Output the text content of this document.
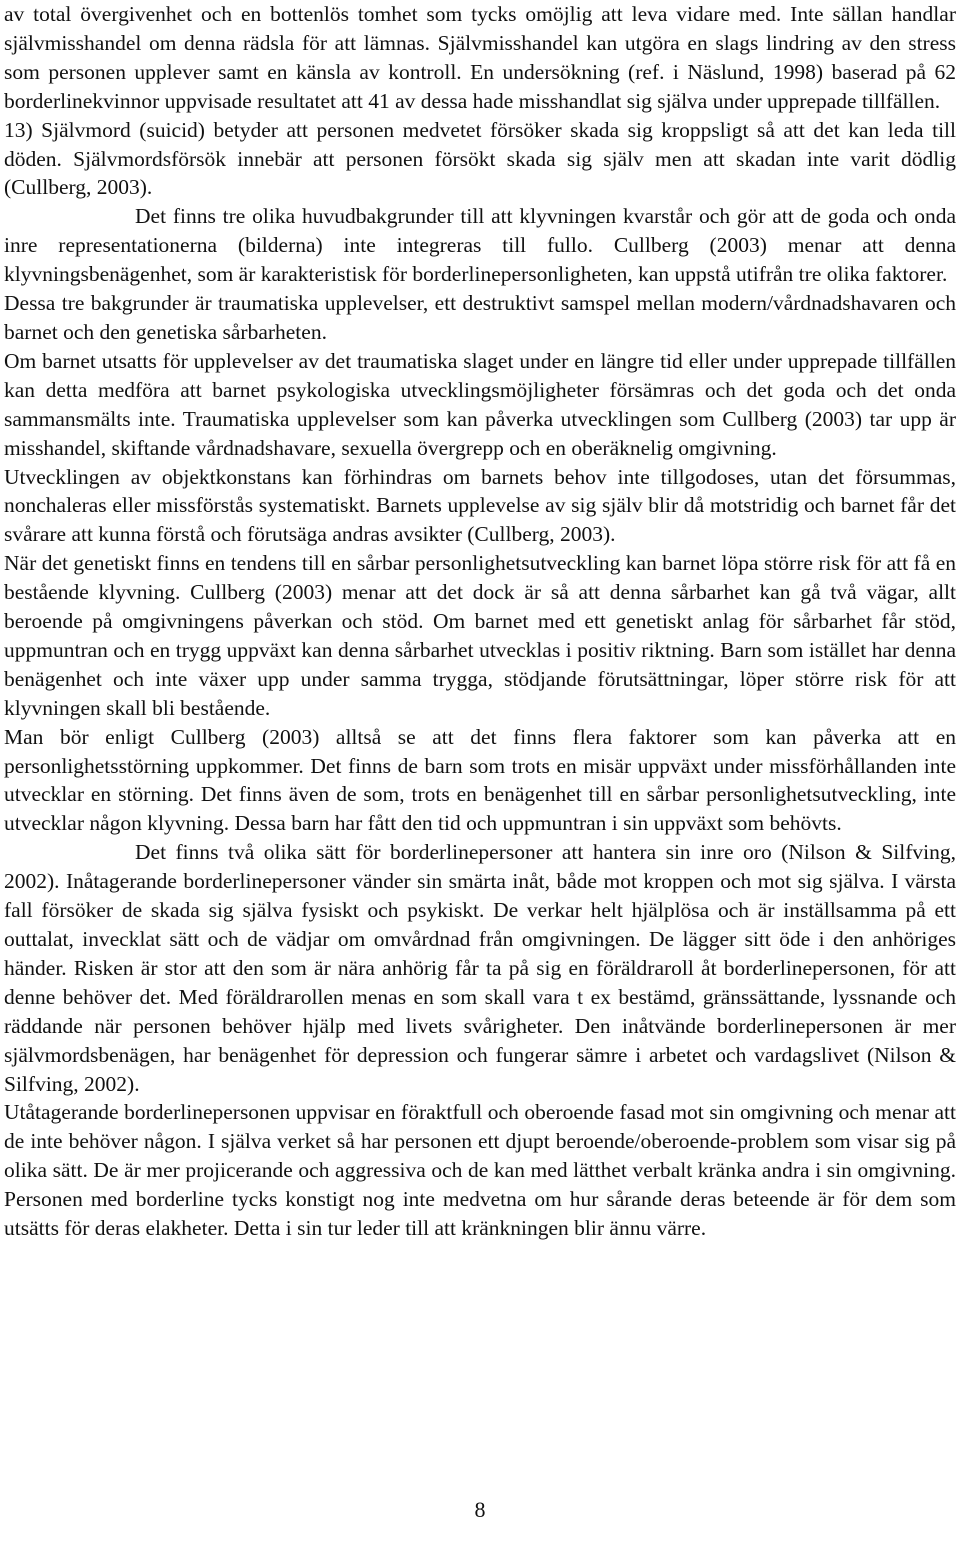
av total övergivenhet och en bottenlös tomhet som tycks omöjlig att leva vidare med. Inte sällan handlar självmisshandel om denna rädsla för att lämnas. Självmisshandel kan utgöra en slags lindring av den stress som personen upplever samt en känsla av kontroll. En undersökning (ref. i Näslund, 1998) baserad på 62 borderlinekvinnor uppvisade resultatet att 41 av dessa hade misshandlat sig själva under upprepade tillfällen.

13) Självmord (suicid) betyder att personen medvetet försöker skada sig kroppsligt så att det kan leda till döden. Självmordsförsök innebär att personen försökt skada sig själv men att skadan inte varit dödlig (Cullberg, 2003).

Det finns tre olika huvudbakgrunder till att klyvningen kvarstår och gör att de goda och onda inre representationerna (bilderna) inte integreras till fullo. Cullberg (2003) menar att denna klyvningsbenägenhet, som är karakteristisk för borderlinepersonligheten, kan uppstå utifrån tre olika faktorer.

Dessa tre bakgrunder är traumatiska upplevelser, ett destruktivt samspel mellan modern/vårdnadshavaren och barnet och den genetiska sårbarheten.

Om barnet utsatts för upplevelser av det traumatiska slaget under en längre tid eller under upprepade tillfällen kan detta medföra att barnet psykologiska utvecklingsmöjligheter försämras och det goda och det onda sammansmälts inte. Traumatiska upplevelser som kan påverka utvecklingen som Cullberg (2003) tar upp är misshandel, skiftande vårdnadshavare, sexuella övergrepp och en oberäknelig omgivning.

Utvecklingen av objektkonstans kan förhindras om barnets behov inte tillgodoses, utan det försummas, nonchaleras eller missförstås systematiskt. Barnets upplevelse av sig själv blir då motstridig och barnet får det svårare att kunna förstå och förutsäga andras avsikter (Cullberg, 2003).

När det genetiskt finns en tendens till en sårbar personlighetsutveckling kan barnet löpa större risk för att få en bestående klyvning. Cullberg (2003) menar att det dock är så att denna sårbarhet kan gå två vägar, allt beroende på omgivningens påverkan och stöd. Om barnet med ett genetiskt anlag för sårbarhet får stöd, uppmuntran och en trygg uppväxt kan denna sårbarhet utvecklas i positiv riktning. Barn som istället har denna benägenhet och inte växer upp under samma trygga, stödjande förutsättningar, löper större risk för att klyvningen skall bli bestående.

Man bör enligt Cullberg (2003) alltså se att det finns flera faktorer som kan påverka att en personlighetsstörning uppkommer. Det finns de barn som trots en misär uppväxt under missförhållanden inte utvecklar en störning. Det finns även de som, trots en benägenhet till en sårbar personlighetsutveckling, inte utvecklar någon klyvning. Dessa barn har fått den tid och uppmuntran i sin uppväxt som behövts.

Det finns två olika sätt för borderlinepersoner att hantera sin inre oro (Nilson & Silfving, 2002). Inåtagerande borderlinepersoner vänder sin smärta inåt, både mot kroppen och mot sig själva. I värsta fall försöker de skada sig själva fysiskt och psykiskt. De verkar helt hjälplösa och är inställsamma på ett outtalat, invecklat sätt och de vädjar om omvårdnad från omgivningen. De lägger sitt öde i den anhöriges händer. Risken är stor att den som är nära anhörig får ta på sig en föräldraroll åt borderlinepersonen, för att denne behöver det. Med föräldrarollen menas en som skall vara t ex bestämd, gränssättande, lyssnande och räddande när personen behöver hjälp med livets svårigheter. Den inåtvände borderlinepersonen är mer självmordsbenägen, har benägenhet för depression och fungerar sämre i arbetet och vardagslivet (Nilson & Silfving, 2002).

Utåtagerande borderlinepersonen uppvisar en föraktfull och oberoende fasad mot sin omgivning och menar att de inte behöver någon. I själva verket så har personen ett djupt beroende/oberoende-problem som visar sig på olika sätt. De är mer projicerande och aggressiva och de kan med lätthet verbalt kränka andra i sin omgivning. Personen med borderline tycks konstigt nog inte medvetna om hur sårande deras beteende är för dem som utsätts för deras elakheter. Detta i sin tur leder till att kränkningen blir ännu värre.

8
